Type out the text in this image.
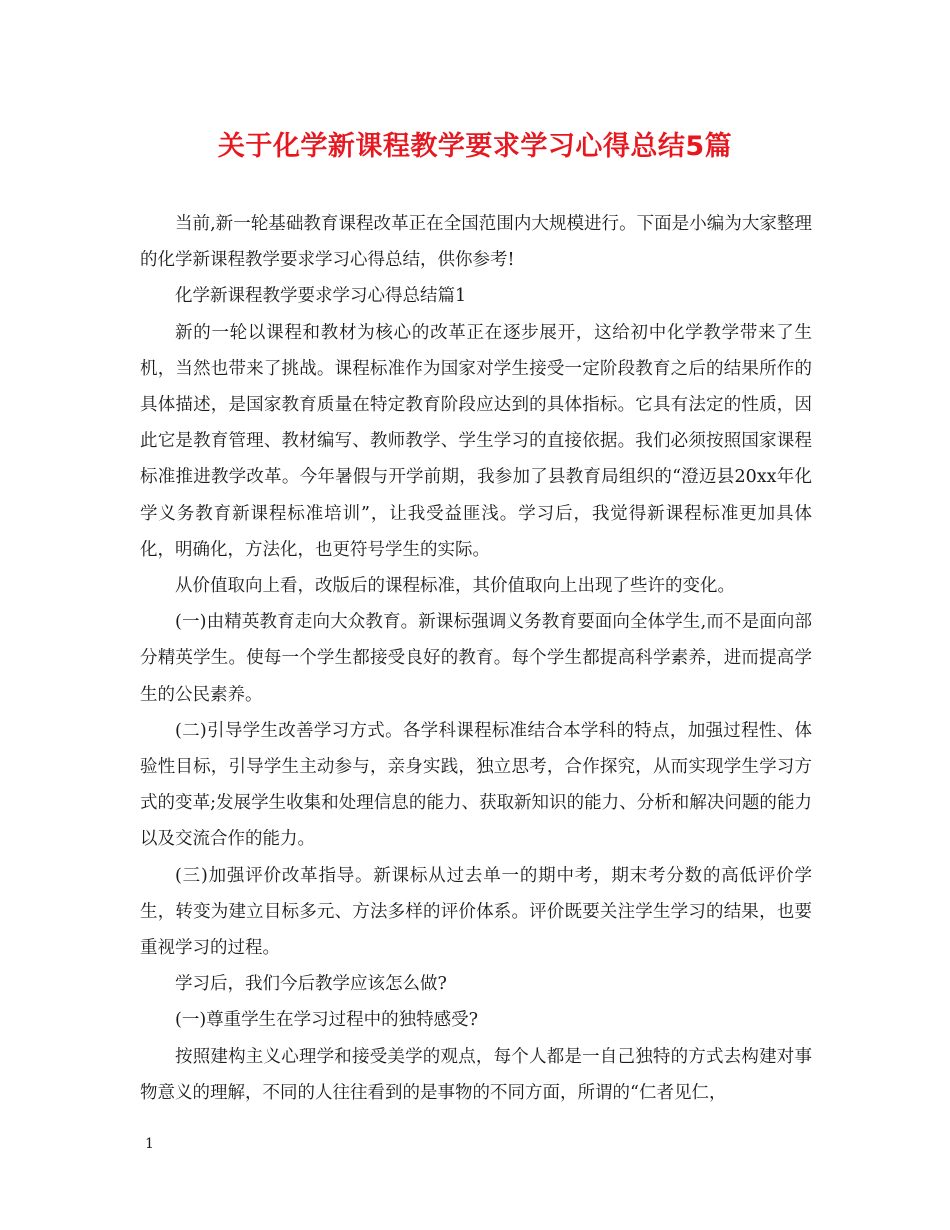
关于化学新课程教学要求学习心得总结5篇

当前,新一轮基础教育课程改革正在全国范围内大规模进行。下面是小编为大家整理的化学新课程教学要求学习心得总结，供你参考!

化学新课程教学要求学习心得总结篇1

新的一轮以课程和教材为核心的改革正在逐步展开，这给初中化学教学带来了生机，当然也带来了挑战。课程标准作为国家对学生接受一定阶段教育之后的结果所作的具体描述，是国家教育质量在特定教育阶段应达到的具体指标。它具有法定的性质，因此它是教育管理、教材编写、教师教学、学生学习的直接依据。我们必须按照国家课程标准推进教学改革。今年暑假与开学前期，我参加了县教育局组织的“澄迈县20xx年化学义务教育新课程标准培训”，让我受益匪浅。学习后，我觉得新课程标准更加具体化，明确化，方法化，也更符号学生的实际。

从价值取向上看，改版后的课程标准，其价值取向上出现了些许的变化。

(一)由精英教育走向大众教育。新课标强调义务教育要面向全体学生,而不是面向部分精英学生。使每一个学生都接受良好的教育。每个学生都提高科学素养，进而提高学生的公民素养。

(二)引导学生改善学习方式。各学科课程标准结合本学科的特点，加强过程性、体验性目标，引导学生主动参与，亲身实践，独立思考，合作探究，从而实现学生学习方式的变革;发展学生收集和处理信息的能力、获取新知识的能力、分析和解决问题的能力以及交流合作的能力。

(三)加强评价改革指导。新课标从过去单一的期中考，期末考分数的高低评价学生，转变为建立目标多元、方法多样的评价体系。评价既要关注学生学习的结果，也要重视学习的过程。

学习后，我们今后教学应该怎么做?

(一)尊重学生在学习过程中的独特感受?

按照建构主义心理学和接受美学的观点，每个人都是一自己独特的方式去构建对事物意义的理解，不同的人往往看到的是事物的不同方面，所谓的“仁者见仁，

1
